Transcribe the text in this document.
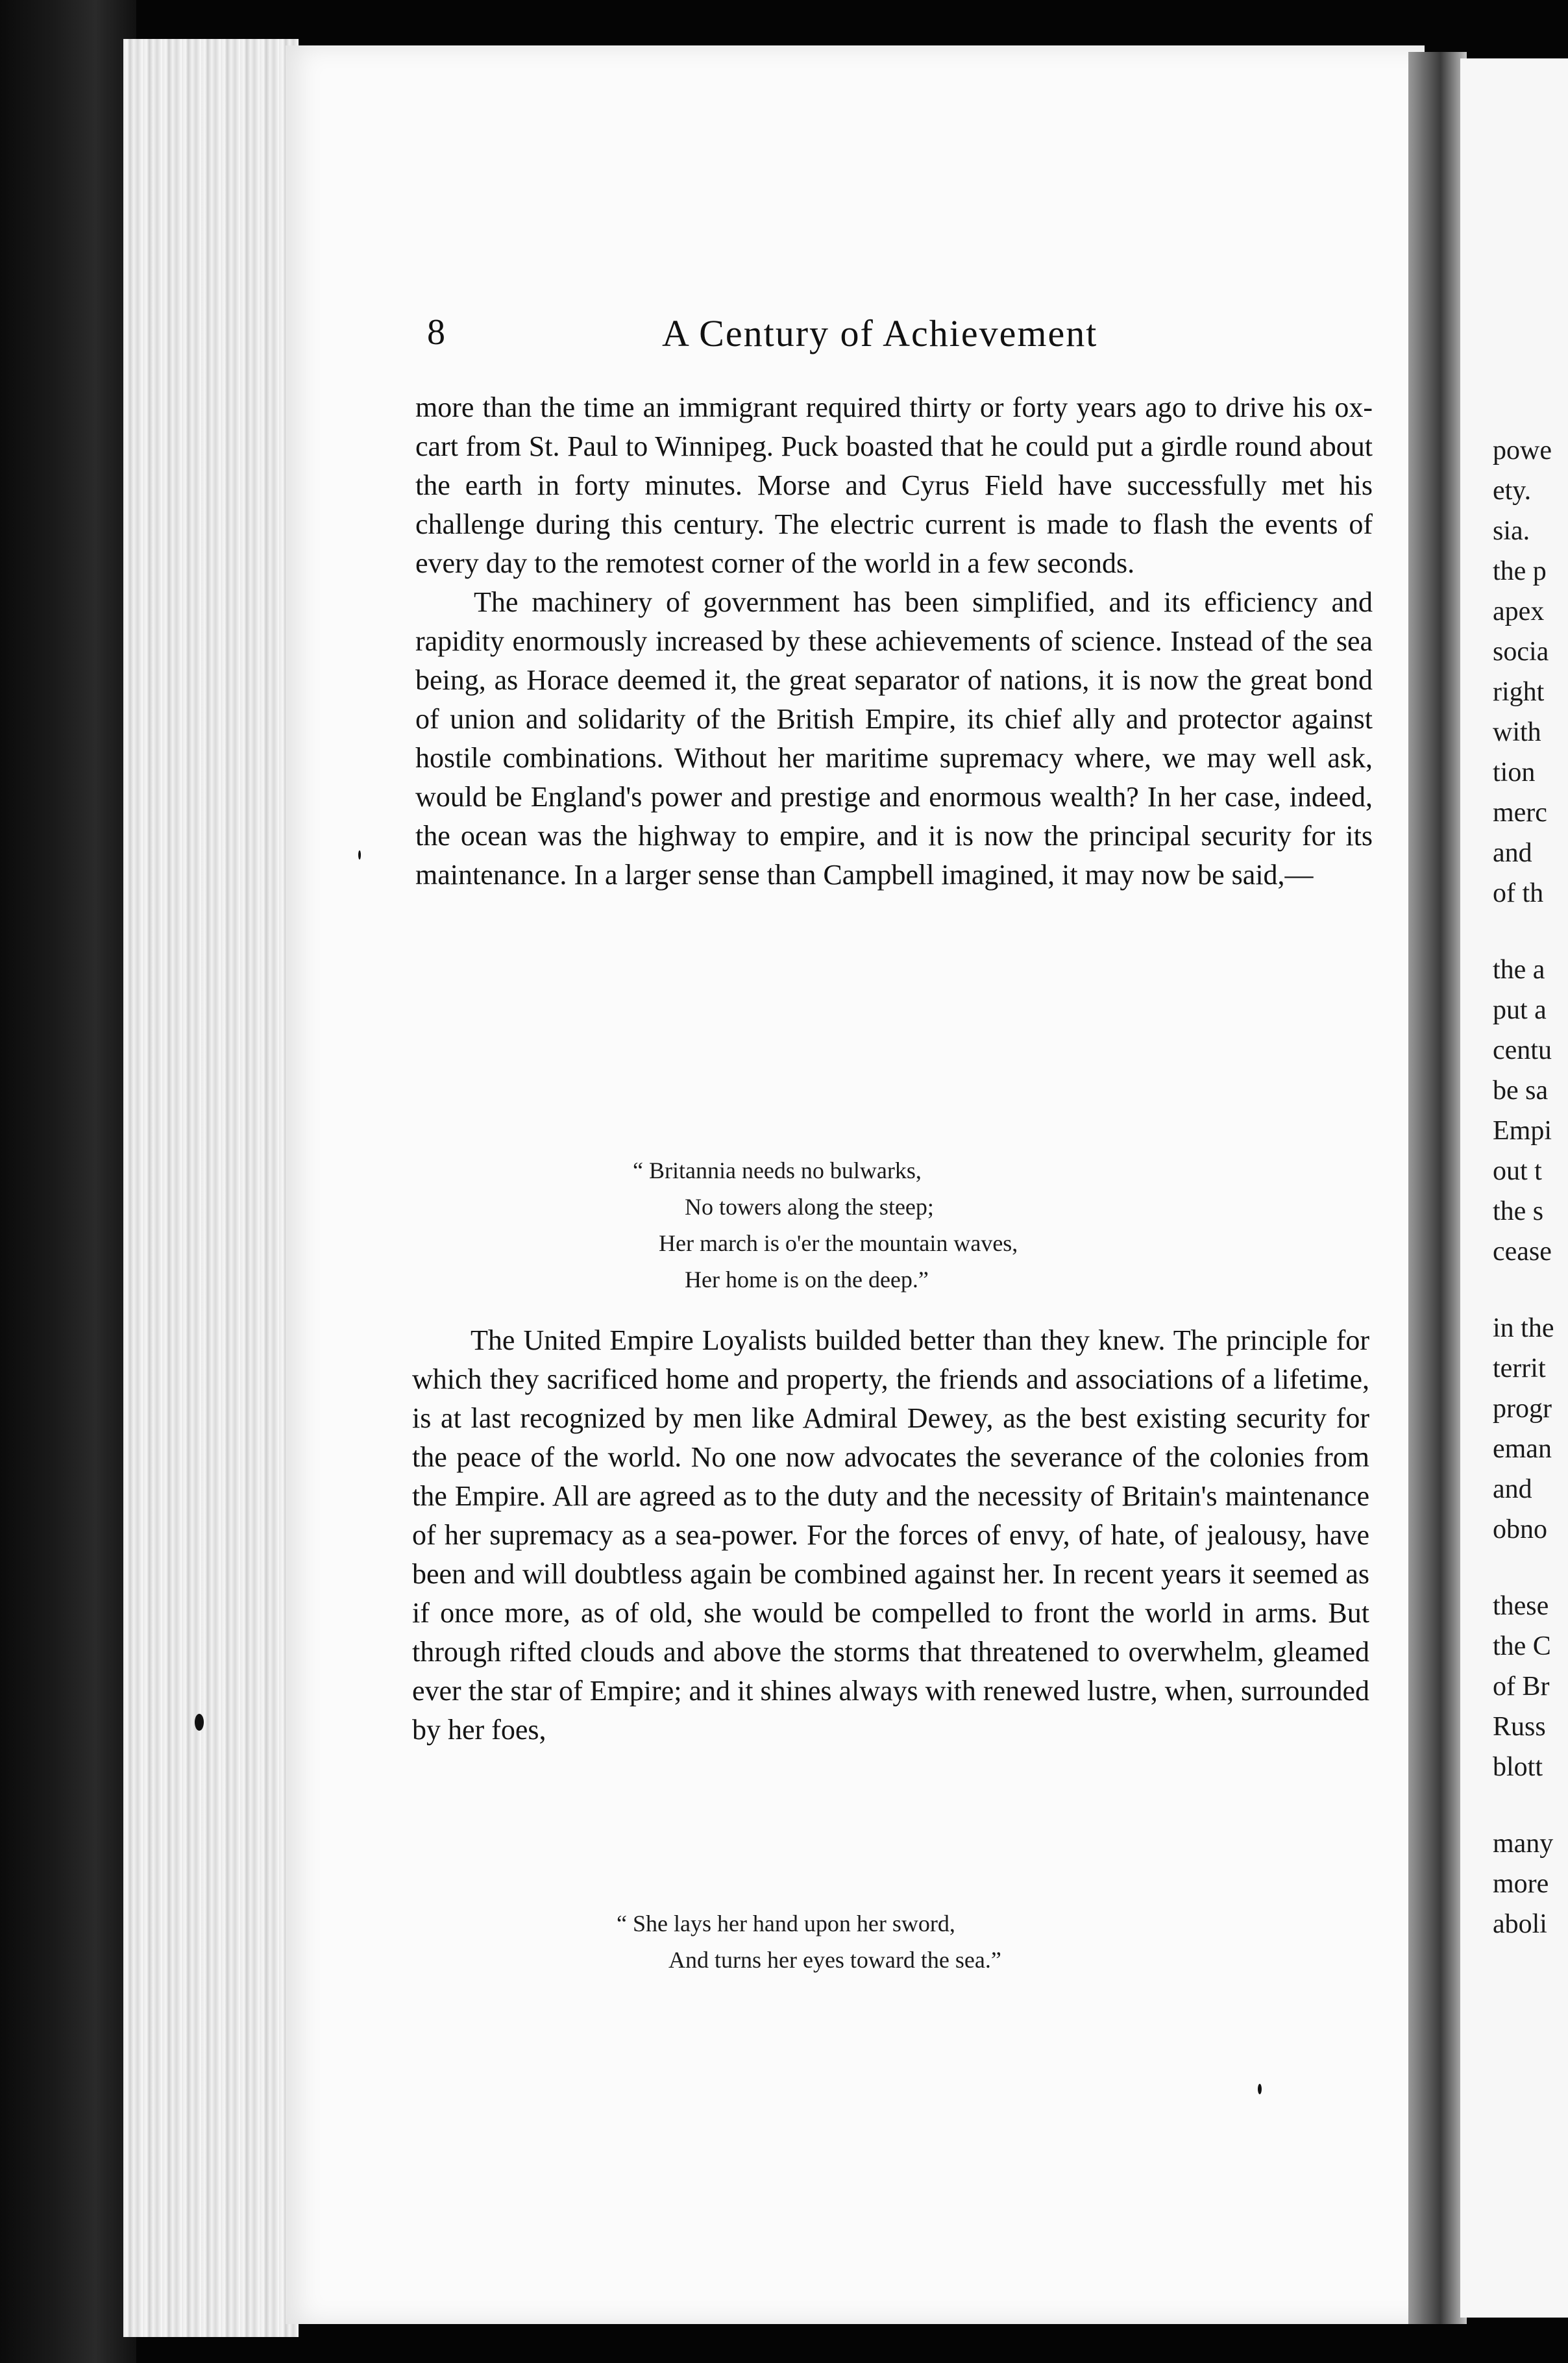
powe
ety.
sia.
the p
apex
socia
right
with
tion
merc
and
of th
the a
put a
centu
be sa
Empi
out t
the s
cease
in the
territ
progr
eman
and
obno
these
the C
of Br
Russ
blott
many
more
aboli
8	A Century of Achievement

more than the time an immigrant required thirty or forty years ago to drive his ox-cart from St. Paul to Winnipeg. Puck boasted that he could put a girdle round about the earth in forty minutes. Morse and Cyrus Field have successfully met his challenge during this century. The electric current is made to flash the events of every day to the remotest corner of the world in a few seconds.

The machinery of government has been simplified, and its efficiency and rapidity enormously increased by these achievements of science. Instead of the sea being, as Horace deemed it, the great separator of nations, it is now the great bond of union and solidarity of the British Empire, its chief ally and protector against hostile combinations. Without her maritime supremacy where, we may well ask, would be England's power and prestige and enormous wealth? In her case, indeed, the ocean was the highway to empire, and it is now the principal security for its maintenance. In a larger sense than Campbell imagined, it may now be said,—

“ Britannia needs no bulwarks,
No towers along the steep;
Her march is o'er the mountain waves,
Her home is on the deep.”

The United Empire Loyalists builded better than they knew. The principle for which they sacrificed home and property, the friends and associations of a lifetime, is at last recognized by men like Admiral Dewey, as the best existing security for the peace of the world. No one now advocates the severance of the colonies from the Empire. All are agreed as to the duty and the necessity of Britain's maintenance of her supremacy as a sea-power. For the forces of envy, of hate, of jealousy, have been and will doubtless again be combined against her. In recent years it seemed as if once more, as of old, she would be compelled to front the world in arms. But through rifted clouds and above the storms that threatened to overwhelm, gleamed ever the star of Empire; and it shines always with renewed lustre, when, surrounded by her foes,

“ She lays her hand upon her sword,
And turns her eyes toward the sea.”
